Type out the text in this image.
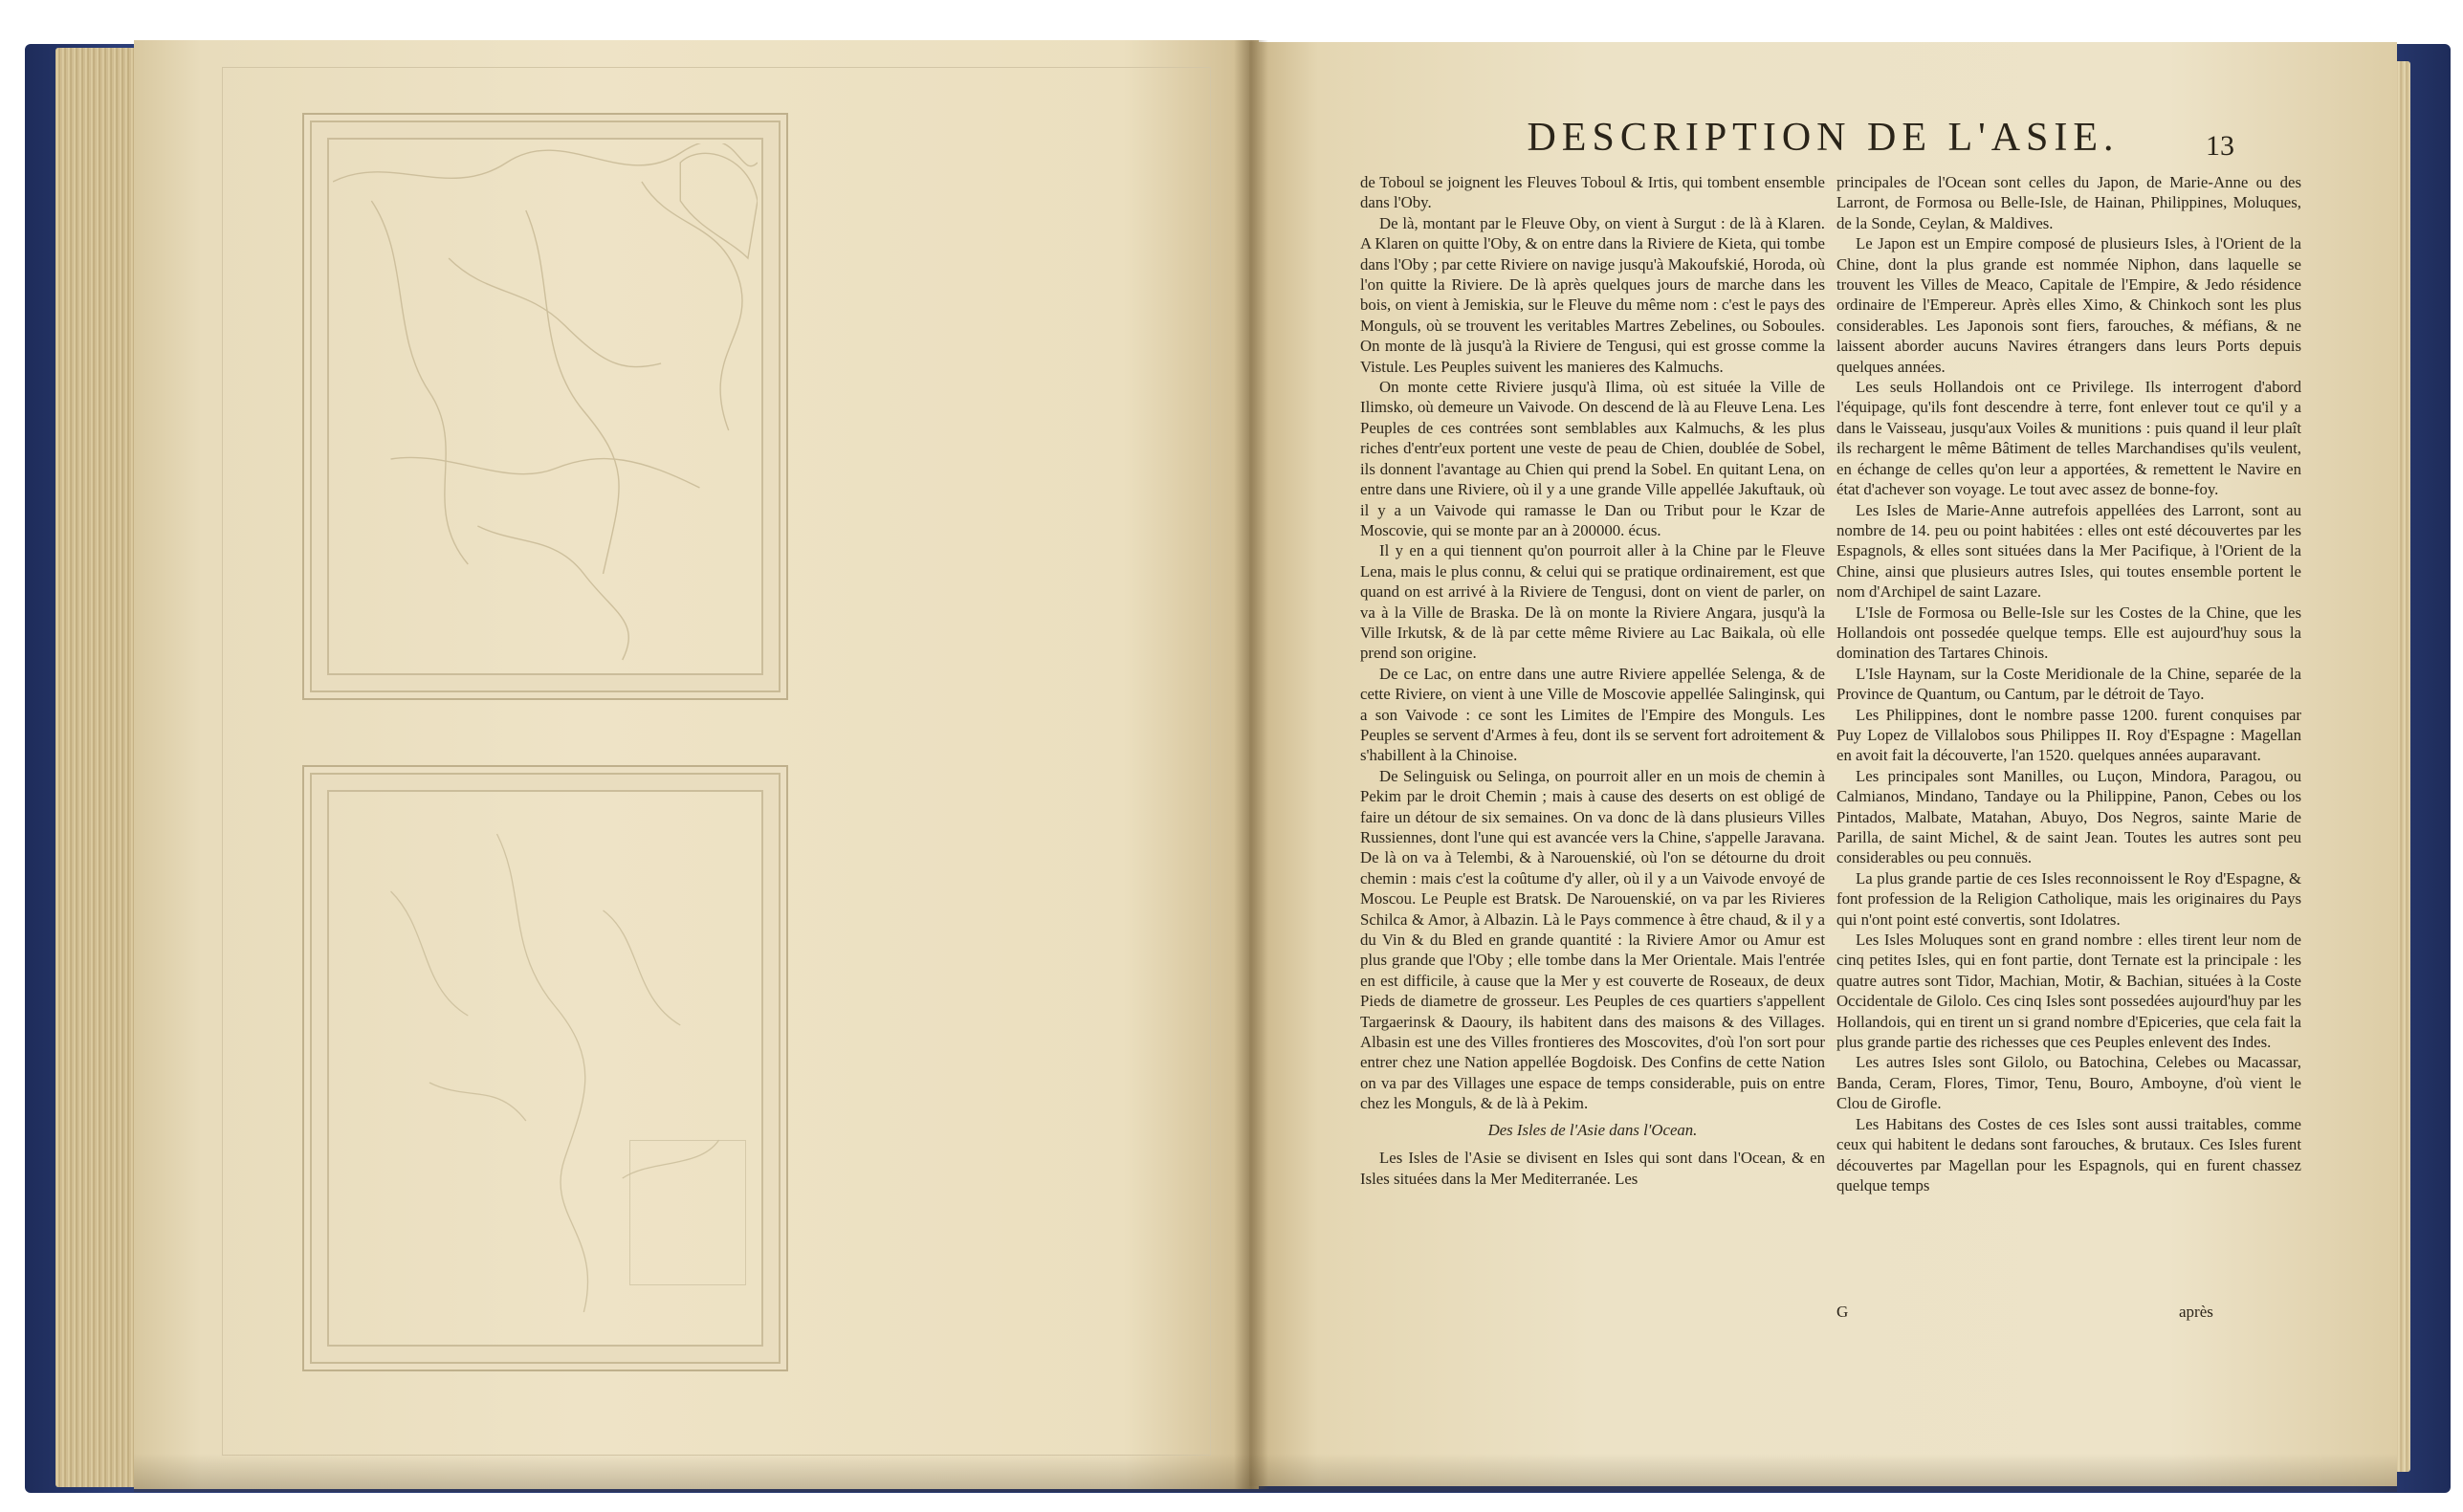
DESCRIPTION DE L'ASIE.	13

de Toboul se joignent les Fleuves Toboul & Irtis, qui tombent ensemble dans l'Oby.

De là, montant par le Fleuve Oby, on vient à Surgut : de là à Klaren. A Klaren on quitte l'Oby, & on entre dans la Riviere de Kieta, qui tombe dans l'Oby ; par cette Riviere on navige jusqu'à Makoufskié, Horoda, où l'on quitte la Riviere. De là après quelques jours de marche dans les bois, on vient à Jemiskia, sur le Fleuve du même nom : c'est le pays des Monguls, où se trouvent les veritables Martres Zebelines, ou Soboules. On monte de là jusqu'à la Riviere de Tengusi, qui est grosse comme la Vistule. Les Peuples suivent les manieres des Kalmuchs.

On monte cette Riviere jusqu'à Ilima, où est située la Ville de Ilimsko, où demeure un Vaivode. On descend de là au Fleuve Lena. Les Peuples de ces contrées sont semblables aux Kalmuchs, & les plus riches d'entr'eux portent une veste de peau de Chien, doublée de Sobel, ils donnent l'avantage au Chien qui prend la Sobel. En quitant Lena, on entre dans une Riviere, où il y a une grande Ville appellée Jakuftauk, où il y a un Vaivode qui ramasse le Dan ou Tribut pour le Kzar de Moscovie, qui se monte par an à 200000. écus.

Il y en a qui tiennent qu'on pourroit aller à la Chine par le Fleuve Lena, mais le plus connu, & celui qui se pratique ordinairement, est que quand on est arrivé à la Riviere de Tengusi, dont on vient de parler, on va à la Ville de Braska. De là on monte la Riviere Angara, jusqu'à la Ville Irkutsk, & de là par cette même Riviere au Lac Baikala, où elle prend son origine.

De ce Lac, on entre dans une autre Riviere appellée Selenga, & de cette Riviere, on vient à une Ville de Moscovie appellée Salinginsk, qui a son Vaivode : ce sont les Limites de l'Empire des Monguls. Les Peuples se servent d'Armes à feu, dont ils se servent fort adroitement & s'habillent à la Chinoise.

De Selinguisk ou Selinga, on pourroit aller en un mois de chemin à Pekim par le droit Chemin ; mais à cause des deserts on est obligé de faire un détour de six semaines. On va donc de là dans plusieurs Villes Russiennes, dont l'une qui est avancée vers la Chine, s'appelle Jaravana. De là on va à Telembi, & à Narouenskié, où l'on se détourne du droit chemin : mais c'est la coûtume d'y aller, où il y a un Vaivode envoyé de Moscou. Le Peuple est Bratsk. De Narouenskié, on va par les Rivieres Schilca & Amor, à Albazin. Là le Pays commence à être chaud, & il y a du Vin & du Bled en grande quantité : la Riviere Amor ou Amur est plus grande que l'Oby ; elle tombe dans la Mer Orientale. Mais l'entrée en est difficile, à cause que la Mer y est couverte de Roseaux, de deux Pieds de diametre de grosseur. Les Peuples de ces quartiers s'appellent Targaerinsk & Daoury, ils habitent dans des maisons & des Villages. Albasin est une des Villes frontieres des Moscovites, d'où l'on sort pour entrer chez une Nation appellée Bogdoisk. Des Confins de cette Nation on va par des Villages une espace de temps considerable, puis on entre chez les Monguls, & de là à Pekim.

Des Isles de l'Asie dans l'Ocean.

Les Isles de l'Asie se divisent en Isles qui sont dans l'Ocean, & en Isles situées dans la Mer Mediterranée. Les

principales de l'Ocean sont celles du Japon, de Marie-Anne ou des Larront, de Formosa ou Belle-Isle, de Hainan, Philippines, Moluques, de la Sonde, Ceylan, & Maldives.

Le Japon est un Empire composé de plusieurs Isles, à l'Orient de la Chine, dont la plus grande est nommée Niphon, dans laquelle se trouvent les Villes de Meaco, Capitale de l'Empire, & Jedo résidence ordinaire de l'Empereur. Après elles Ximo, & Chinkoch sont les plus considerables. Les Japonois sont fiers, farouches, & méfians, & ne laissent aborder aucuns Navires étrangers dans leurs Ports depuis quelques années.

Les seuls Hollandois ont ce Privilege. Ils interrogent d'abord l'équipage, qu'ils font descendre à terre, font enlever tout ce qu'il y a dans le Vaisseau, jusqu'aux Voiles & munitions : puis quand il leur plaît ils rechargent le même Bâtiment de telles Marchandises qu'ils veulent, en échange de celles qu'on leur a apportées, & remettent le Navire en état d'achever son voyage. Le tout avec assez de bonne-foy.

Les Isles de Marie-Anne autrefois appellées des Larront, sont au nombre de 14. peu ou point habitées : elles ont esté découvertes par les Espagnols, & elles sont situées dans la Mer Pacifique, à l'Orient de la Chine, ainsi que plusieurs autres Isles, qui toutes ensemble portent le nom d'Archipel de saint Lazare.

L'Isle de Formosa ou Belle-Isle sur les Costes de la Chine, que les Hollandois ont possedée quelque temps. Elle est aujourd'huy sous la domination des Tartares Chinois.

L'Isle Haynam, sur la Coste Meridionale de la Chine, separée de la Province de Quantum, ou Cantum, par le détroit de Tayo.

Les Philippines, dont le nombre passe 1200. furent conquises par Puy Lopez de Villalobos sous Philippes II. Roy d'Espagne : Magellan en avoit fait la découverte, l'an 1520. quelques années auparavant.

Les principales sont Manilles, ou Luçon, Mindora, Paragou, ou Calmianos, Mindano, Tandaye ou la Philippine, Panon, Cebes ou los Pintados, Malbate, Matahan, Abuyo, Dos Negros, sainte Marie de Parilla, de saint Michel, & de saint Jean. Toutes les autres sont peu considerables ou peu connuës.

La plus grande partie de ces Isles reconnoissent le Roy d'Espagne, & font profession de la Religion Catholique, mais les originaires du Pays qui n'ont point esté convertis, sont Idolatres.

Les Isles Moluques sont en grand nombre : elles tirent leur nom de cinq petites Isles, qui en font partie, dont Ternate est la principale : les quatre autres sont Tidor, Machian, Motir, & Bachian, situées à la Coste Occidentale de Gilolo. Ces cinq Isles sont possedées aujourd'huy par les Hollandois, qui en tirent un si grand nombre d'Epiceries, que cela fait la plus grande partie des richesses que ces Peuples enlevent des Indes.

Les autres Isles sont Gilolo, ou Batochina, Celebes ou Macassar, Banda, Ceram, Flores, Timor, Tenu, Bouro, Amboyne, d'où vient le Clou de Girofle.

Les Habitans des Costes de ces Isles sont aussi traitables, comme ceux qui habitent le dedans sont farouches, & brutaux. Ces Isles furent découvertes par Magellan pour les Espagnols, qui en furent chassez quelque temps

G	après
